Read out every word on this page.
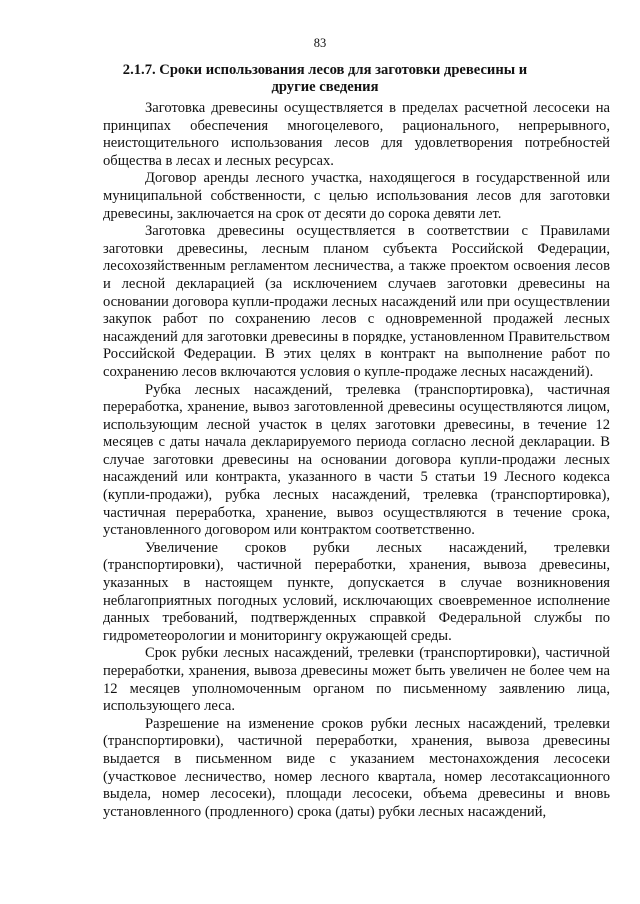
83
2.1.7. Сроки использования лесов для заготовки древесины и другие сведения

Заготовка древесины осуществляется в пределах расчетной лесосеки на принципах обеспечения многоцелевого, рационального, непрерывного, неистощительного использования лесов для удовлетворения потребностей общества в лесах и лесных ресурсах.

Договор аренды лесного участка, находящегося в государственной или муниципальной собственности, с целью использования лесов для заготовки древесины, заключается на срок от десяти до сорока девяти лет.

Заготовка древесины осуществляется в соответствии с Правилами заготовки древесины, лесным планом субъекта Российской Федерации, лесохозяйственным регламентом лесничества, а также проектом освоения лесов и лесной декларацией (за исключением случаев заготовки древесины на основании договора купли-продажи лесных насаждений или при осуществлении закупок работ по сохранению лесов с одновременной продажей лесных насаждений для заготовки древесины в порядке, установленном Правительством Российской Федерации. В этих целях в контракт на выполнение работ по сохранению лесов включаются условия о купле-продаже лесных насаждений).

Рубка лесных насаждений, трелевка (транспортировка), частичная переработка, хранение, вывоз заготовленной древесины осуществляются лицом, использующим лесной участок в целях заготовки древесины, в течение 12 месяцев с даты начала декларируемого периода согласно лесной декларации. В случае заготовки древесины на основании договора купли-продажи лесных насаждений или контракта, указанного в части 5 статьи 19 Лесного кодекса (купли-продажи), рубка лесных насаждений, трелевка (транспортировка), частичная переработка, хранение, вывоз осуществляются в течение срока, установленного договором или контрактом соответственно.

Увеличение сроков рубки лесных насаждений, трелевки (транспортировки), частичной переработки, хранения, вывоза древесины, указанных в настоящем пункте, допускается в случае возникновения неблагоприятных погодных условий, исключающих своевременное исполнение данных требований, подтвержденных справкой Федеральной службы по гидрометеорологии и мониторингу окружающей среды.

Срок рубки лесных насаждений, трелевки (транспортировки), частичной переработки, хранения, вывоза древесины может быть увеличен не более чем на 12 месяцев уполномоченным органом по письменному заявлению лица, использующего леса.

Разрешение на изменение сроков рубки лесных насаждений, трелевки (транспортировки), частичной переработки, хранения, вывоза древесины выдается в письменном виде с указанием местонахождения лесосеки (участковое лесничество, номер лесного квартала, номер лесотаксационного выдела, номер лесосеки), площади лесосеки, объема древесины и вновь установленного (продленного) срока (даты) рубки лесных насаждений,
